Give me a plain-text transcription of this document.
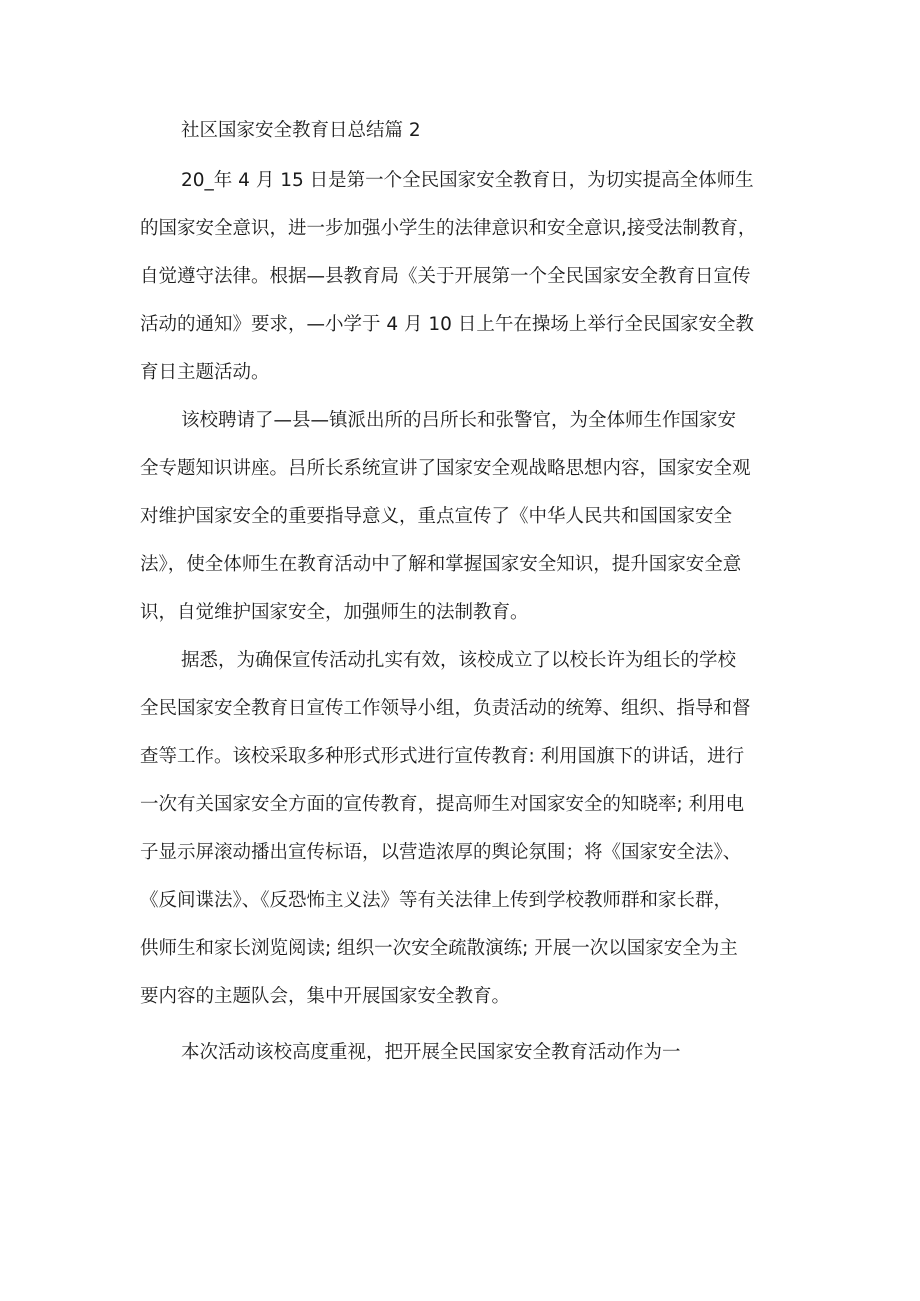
社区国家安全教育日总结篇 2
20_年 4 月 15 日是第一个全民国家安全教育日，为切实提高全体师生
的国家安全意识，进一步加强小学生的法律意识和安全意识,接受法制教育，
自觉遵守法律。根据—县教育局《关于开展第一个全民国家安全教育日宣传
活动的通知》要求，—小学于 4 月 10 日上午在操场上举行全民国家安全教
育日主题活动。
该校聘请了—县—镇派出所的吕所长和张警官，为全体师生作国家安
全专题知识讲座。吕所长系统宣讲了国家安全观战略思想内容，国家安全观
对维护国家安全的重要指导意义，重点宣传了《中华人民共和国国家安全
法》，使全体师生在教育活动中了解和掌握国家安全知识，提升国家安全意
识，自觉维护国家安全，加强师生的法制教育。
据悉，为确保宣传活动扎实有效，该校成立了以校长许为组长的学校
全民国家安全教育日宣传工作领导小组，负责活动的统筹、组织、指导和督
查等工作。该校采取多种形式形式进行宣传教育: 利用国旗下的讲话，进行
一次有关国家安全方面的宣传教育，提高师生对国家安全的知晓率; 利用电
子显示屏滚动播出宣传标语，以营造浓厚的舆论氛围；将《国家安全法》、
《反间谍法》、《反恐怖主义法》等有关法律上传到学校教师群和家长群，
供师生和家长浏览阅读; 组织一次安全疏散演练; 开展一次以国家安全为主
要内容的主题队会，集中开展国家安全教育。
本次活动该校高度重视，把开展全民国家安全教育活动作为一
